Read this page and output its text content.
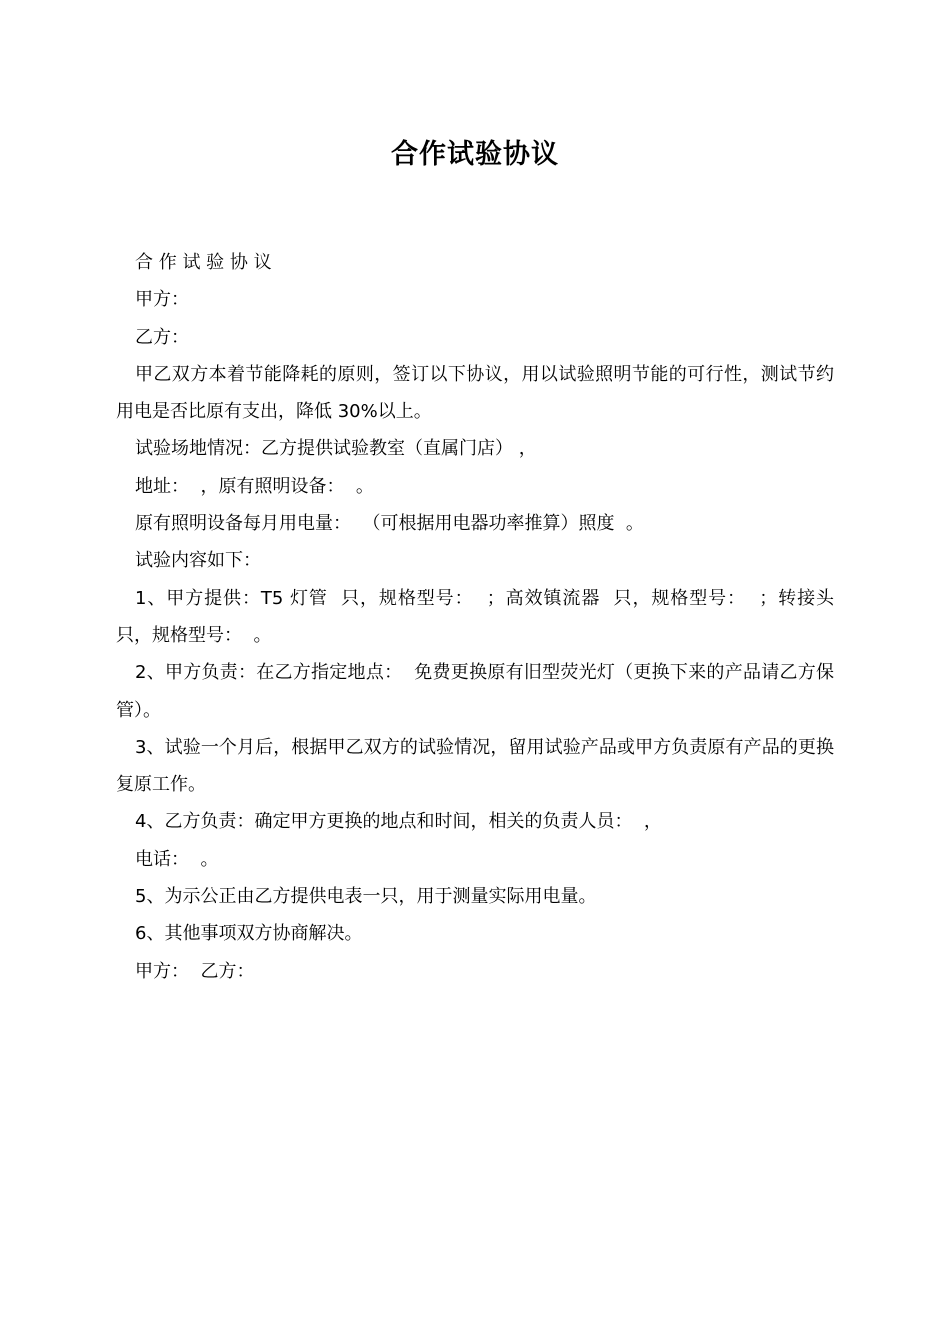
合作试验协议

合 作 试 验 协 议

甲方：

乙方：

甲乙双方本着节能降耗的原则，签订以下协议，用以试验照明节能的可行性，测试节约用电是否比原有支出，降低 30%以上。

试验场地情况：乙方提供试验教室（直属门店） ，

地址：  ，原有照明设备：  。

原有照明设备每月用电量：  （可根据用电器功率推算）照度  。

试验内容如下：

1、甲方提供：T5 灯管  只，规格型号：  ；高效镇流器  只，规格型号：  ；转接头  只，规格型号：  。

2、甲方负责：在乙方指定地点：  免费更换原有旧型荧光灯（更换下来的产品请乙方保管）。

3、试验一个月后，根据甲乙双方的试验情况，留用试验产品或甲方负责原有产品的更换复原工作。

4、乙方负责：确定甲方更换的地点和时间，相关的负责人员：  ，

电话：  。

5、为示公正由乙方提供电表一只，用于测量实际用电量。

6、其他事项双方协商解决。

甲方：  乙方：
